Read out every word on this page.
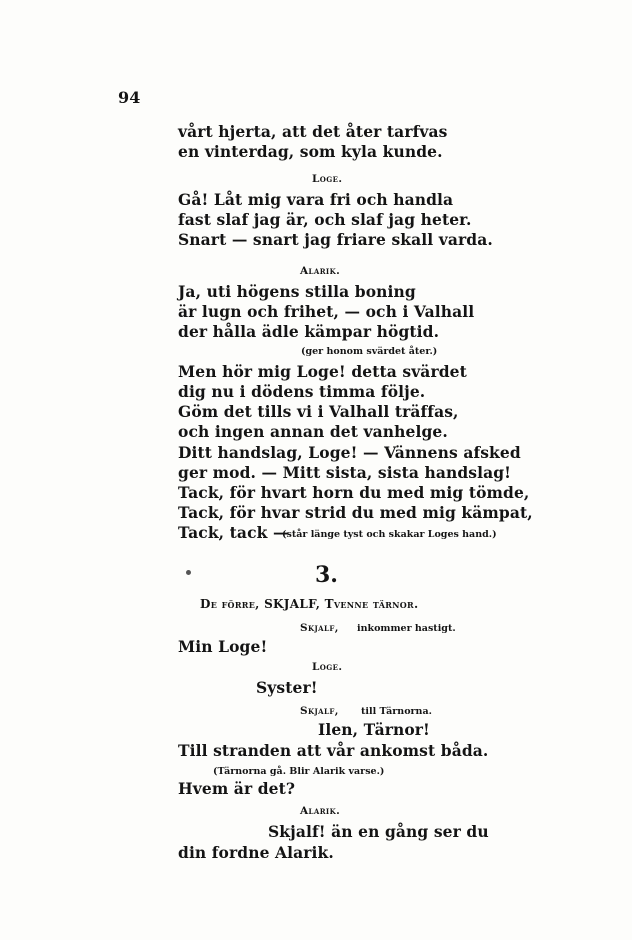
94
vårt hjerta, att det åter tarfvas
en vinterdag, som kyla kunde.
Loge.
Gå! Låt mig vara fri och handla
fast slaf jag är, och slaf jag heter.
Snart — snart jag friare skall varda.
Alarik.
Ja, uti högens stilla boning
är lugn och frihet, — och i Valhall
der hålla ädle kämpar högtid.
(ger honom svärdet åter.)
Men hör mig Loge! detta svärdet
dig nu i dödens timma följe.
Göm det tills vi i Valhall träffas,
och ingen annan det vanhelge.
Ditt handslag, Loge! — Vännens afsked
ger mod. — Mitt sista, sista handslag!
Tack, för hvart horn du med mig tömde,
Tack, för hvar strid du med mig kämpat,
Tack, tack —
(står länge tyst och skakar Loges hand.)
3.
De förre, SKJALF, Tvenne tärnor.
Skjalf, inkommer hastigt.
Min Loge!
Loge.
Syster!
Skjalf, till Tärnorna.
Ilen, Tärnor!
Till stranden att vår ankomst båda.
(Tärnorna gå. Blir Alarik varse.)
Hvem är det?
Alarik.
Skjalf! än en gång ser du
din fordne Alarik.
